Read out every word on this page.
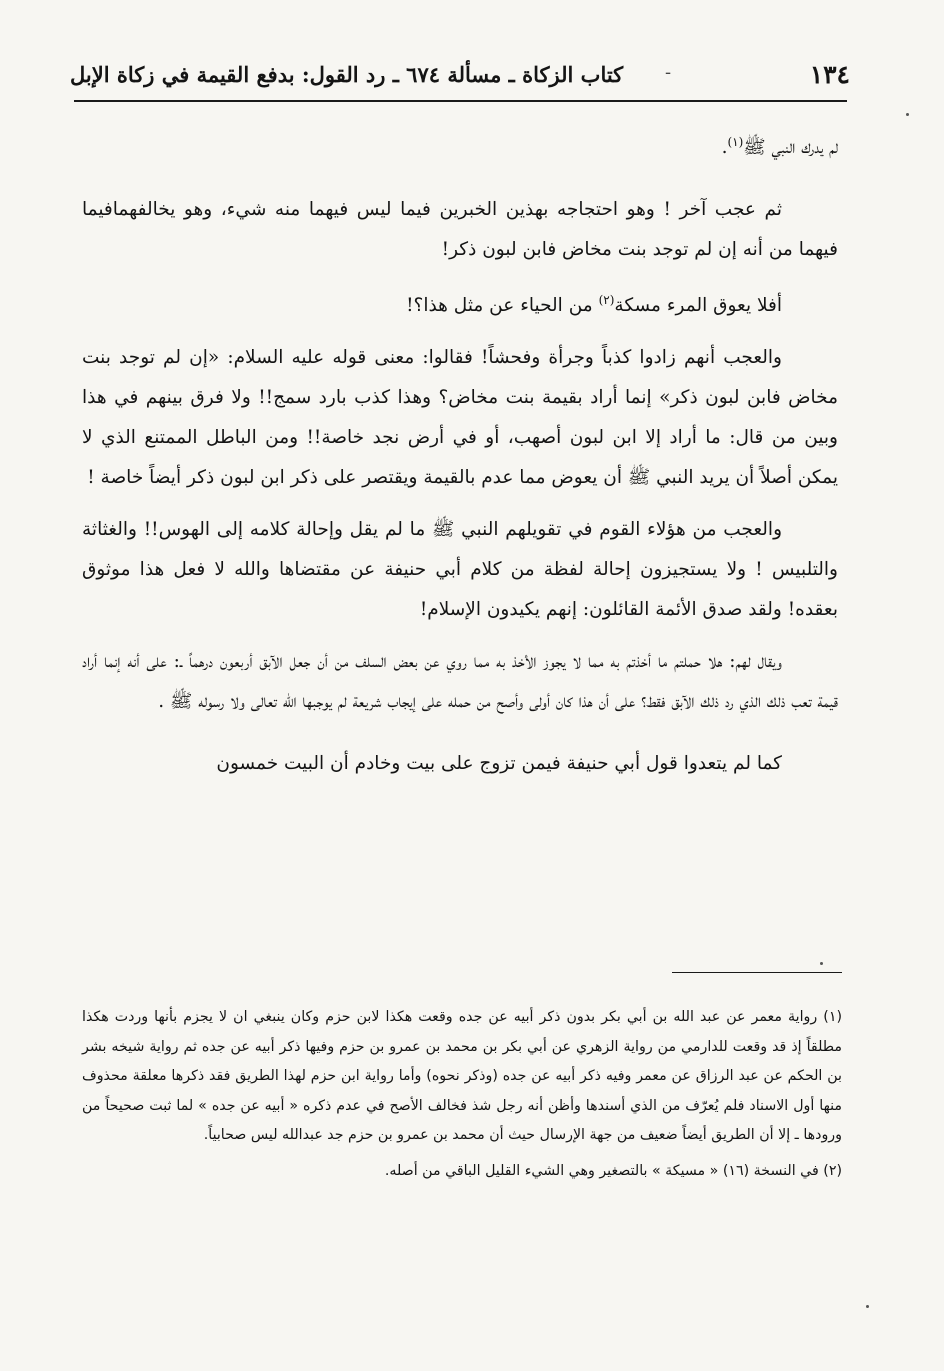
١٣٤
كتاب الزكاة ـ مسألة ٦٧٤ ـ رد القول: بدفع القيمة في زكاة الإبل -

لم يدرك النبي ﷺ$^{(١)}$.

ثم عجب آخر ! وهو احتجاجه بهذين الخبرين فيما ليس فيهما منه شيء، وهو يخالفهمافيما فيهما من أنه إن لم توجد بنت مخاض فابن لبون ذكر!

أفلا يعوق المرء مسكة$^{(٢)}$ من الحياء عن مثل هذا؟!

والعجب أنهم زادوا كذباً وجرأة وفحشاً! فقالوا: معنى قوله عليه السلام: «إن لم توجد بنت مخاض فابن لبون ذكر» إنما أراد بقيمة بنت مخاض؟ وهذا كذب بارد سمج!! ولا فرق بينهم في هذا وبين من قال: ما أراد إلا ابن لبون أصهب، أو في أرض نجد خاصة!! ومن الباطل الممتنع الذي لا يمكن أصلاً أن يريد النبي ﷺ أن يعوض مما عدم بالقيمة ويقتصر على ذكر ابن لبون ذكر أيضاً خاصة !

والعجب من هؤلاء القوم في تقويلهم النبي ﷺ ما لم يقل وإحالة كلامه إلى الهوس!! والغثاثة والتلبيس ! ولا يستجيزون إحالة لفظة من كلام أبي حنيفة عن مقتضاها والله لا فعل هذا موثوق بعقده! ولقد صدق الأئمة القائلون: إنهم يكيدون الإسلام!

ويقال لهم: هلا حملتم ما أخذتم به مما لا يجوز الأخذ به مما روي عن بعض السلف من أن جعل الآبق أربعون درهماً ـ: على أنه إنما أراد قيمة تعب ذلك الذي رد ذلك الآبق فقط؟ على أن هذا كان أولى وأصح من حمله على إيجاب شريعة لم يوجبها الله تعالى ولا رسوله ﷺ .

كما لم يتعدوا قول أبي حنيفة فيمن تزوج على بيت وخادم أن البيت خمسون

(١) رواية معمر عن عبد الله بن أبي بكر بدون ذكر أبيه عن جده وقعت هكذا لابن حزم وكان ينبغي ان لا يجزم بأنها وردت هكذا مطلقاً إذ قد وقعت للدارمي من رواية الزهري عن أبي بكر بن محمد بن عمرو بن حزم وفيها ذكر أبيه عن جده ثم رواية شيخه بشر بن الحكم عن عبد الرزاق عن معمر وفيه ذكر أبيه عن جده (وذكر نحوه) وأما رواية ابن حزم لهذا الطريق فقد ذكرها معلقة محذوف منها أول الاسناد فلم يُعرّف من الذي أسندها وأظن أنه رجل شذ فخالف الأصح في عدم ذكره « أبيه عن جده » لما ثبت صحيحاً من ورودها ـ إلا أن الطريق أيضاً ضعيف من جهة الإرسال حيث أن محمد بن عمرو بن حزم جد عبدالله ليس صحابياً.

(٢) في النسخة (١٦) « مسيكة » بالتصغير وهي الشيء القليل الباقي من أصله.
